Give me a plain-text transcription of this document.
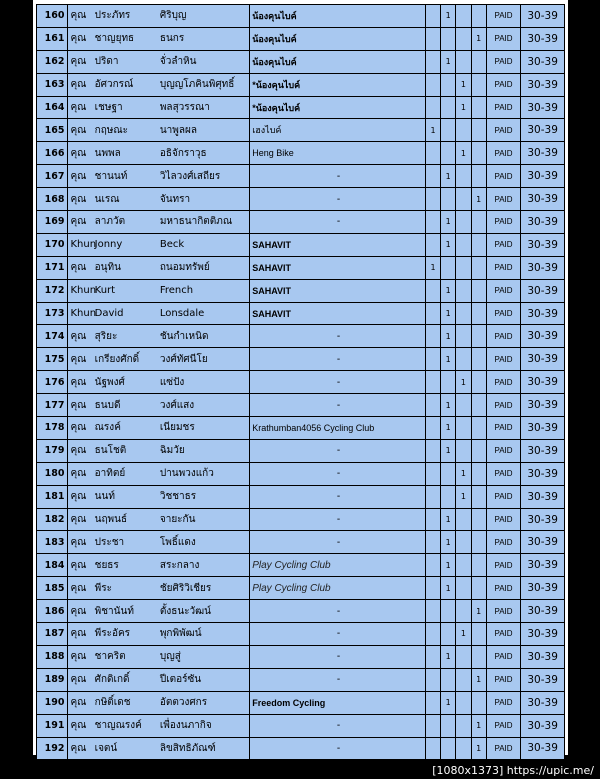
160	คุณ ประภัทร ศิริบุญ	น้องคุนไบค์		1			PAID	30-39
161	คุณ ชาญยุทธ ธนกร	น้องคุนไบค์				1	PAID	30-39
162	คุณ ปริดา จั่วลำหิน	น้องคุนไบค์		1			PAID	30-39
163	คุณ อัศวกรณ์ บุญญโภคินพิศุทธิ์	*น้องคุนไบค์			1		PAID	30-39
164	คุณ เชษฐา พลสุวรรณา	*น้องคุนไบค์			1		PAID	30-39
165	คุณ กฤษณะ นาพูลผล	เฮงไบค์	1				PAID	30-39
166	คุณ นพพล อธิจักราวุธ	Heng Bike			1		PAID	30-39
167	คุณ ชานนท์ วิไลวงศ์เสถียร	-		1			PAID	30-39
168	คุณ นเรณ จันทรา	-				1	PAID	30-39
169	คุณ ลาภวัต มหาธนากิตติภณ	-		1			PAID	30-39
170	Khun Jonny Beck	SAHAVIT		1			PAID	30-39
171	คุณ อนุทิน ถนอมทรัพย์	SAHAVIT	1				PAID	30-39
172	Khun Kurt French	SAHAVIT		1			PAID	30-39
173	Khun David Lonsdale	SAHAVIT		1			PAID	30-39
174	คุณ สุริยะ ชันกำเหนิด	-		1			PAID	30-39
175	คุณ เกรียงศักดิ์ วงศ์ทัศนีโย	-		1			PAID	30-39
176	คุณ นัฐพงศ์ แซ่ปัง	-			1		PAID	30-39
177	คุณ ธนบดี วงศ์แสง	-		1			PAID	30-39
178	คุณ ณรงค์ เนียมชร	Krathumban4056 Cycling Club		1			PAID	30-39
179	คุณ ธนโชติ ฉิมวัย	-		1			PAID	30-39
180	คุณ อาทิตย์ ปานพวงแก้ว	-			1		PAID	30-39
181	คุณ นนท์ วิชชาธร	-			1		PAID	30-39
182	คุณ นฤพนธ์ จายะกัน	-		1			PAID	30-39
183	คุณ ประชา โพธิ์แดง	-		1			PAID	30-39
184	คุณ ชยธร สระกลาง	Play Cycling Club		1			PAID	30-39
185	คุณ พีระ ชัยศิริวิเชียร	Play Cycling Club		1			PAID	30-39
186	คุณ พิชานันท์ ตั้งธนะวัฒน์	-				1	PAID	30-39
187	คุณ พีระอัคร พุกพิพัฒน์	-			1		PAID	30-39
188	คุณ ชาคริต บุญสู่	-		1			PAID	30-39
189	คุณ ศักดิเกดิ์ ปีเตอร์ซัน	-				1	PAID	30-39
190	คุณ กษิติ์เดช อัตตวงศกร	Freedom Cycling		1			PAID	30-39
191	คุณ ชาญณรงค์ เพื่องนภากิจ	-				1	PAID	30-39
192	คุณ เจตน์ ลิขสิทธิภัณฑ์	-				1	PAID	30-39
[1080x1373] https://upic.me/
